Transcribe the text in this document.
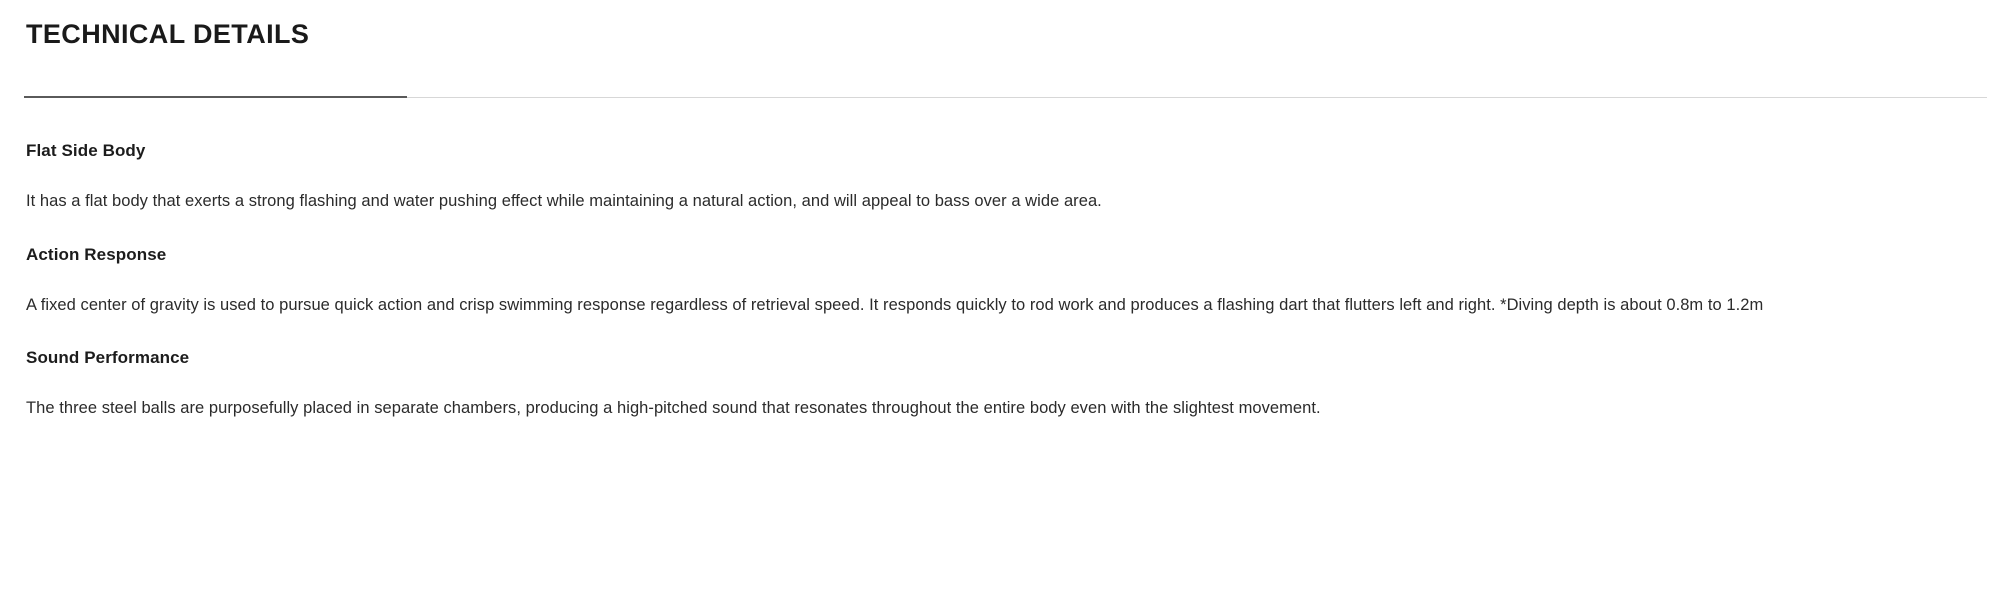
TECHNICAL DETAILS
Flat Side Body

It has a flat body that exerts a strong flashing and water pushing effect while maintaining a natural action, and will appeal to bass over a wide area.

Action Response

A fixed center of gravity is used to pursue quick action and crisp swimming response regardless of retrieval speed. It responds quickly to rod work and produces a flashing dart that flutters left and right. *Diving depth is about 0.8m to 1.2m

Sound Performance

The three steel balls are purposefully placed in separate chambers, producing a high-pitched sound that resonates throughout the entire body even with the slightest movement.
